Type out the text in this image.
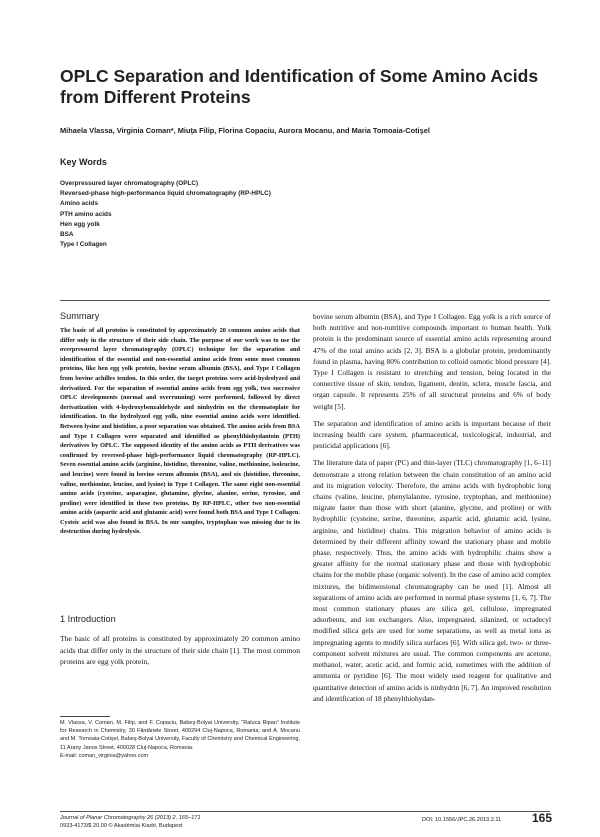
OPLC Separation and Identification of Some Amino Acids from Different Proteins
Mihaela Vlassa, Virginia Coman*, Miuţa Filip, Florina Copaciu, Aurora Mocanu, and Maria Tomoaia-Cotişel
Key Words
Overpressured layer chromatography (OPLC)
Reversed-phase high-performance liquid chromatography (RP-HPLC)
Amino acids
PTH amino acids
Hen egg yolk
BSA
Type I Collagen
Summary

The basic of all proteins is constituted by approximately 20 common amino acids that differ only in the structure of their side chain. The purpose of our work was to use the overpressured layer chromatography (OPLC) technique for the separation and identification of the essential and non-essential amino acids from some most common proteins, like hen egg yolk protein, bovine serum albumin (BSA), and Type I Collagen from bovine achilles tendon. In this order, the target proteins were acid-hydrolyzed and derivatized. For the separation of essential amino acids from egg yolk, two successive OPLC developments (normal and overrunning) were performed, followed by direct derivatization with 4-hydroxybenzaldehyde and ninhydrin on the chromatoplate for identification. In the hydrolyzed egg yolk, nine essential amino acids were identified. Between lysine and histidine, a poor separation was obtained. The amino acids from BSA and Type I Collagen were separated and identified as phenylthiohydantoin (PTH) derivatives by OPLC. The supposed identity of the amino acids as PTH derivatives was confirmed by reversed-phase high-performance liquid chromatography (RP-HPLC). Seven essential amino acids (arginine, histidine, threonine, valine, methionine, isoleucine, and leucine) were found in bovine serum albumin (BSA), and six (histidine, threonine, valine, methionine, leucine, and lysine) in Type I Collagen. The same eight non-essential amino acids (cysteine, asparagine, glutamine, glycine, alanine, serine, tyrosine, and proline) were identified in these two proteins. By RP-HPLC, other two non-essential amino acids (aspartic acid and glutamic acid) were found both BSA and Type I Collagen. Cysteic acid was also found in BSA. In our samples, tryptophan was missing due to its destruction during hydrolysis.

1 Introduction

The basic of all proteins is constituted by approximately 20 common amino acids that differ only in the structure of their side chain [1]. The most common proteins are egg yolk protein,

bovine serum albumin (BSA), and Type I Collagen. Egg yolk is a rich source of both nutritive and non-nutritive compounds important to human health. Yolk protein is the predominant source of essential amino acids representing around 47% of the total amino acids [2, 3]. BSA is a globular protein, predominantly found in plasma, having 80% contribution to colloid osmotic blood pressure [4]. Type I Collagen is resistant to stretching and tension, being located in the connective tissue of skin, tendon, ligament, dentin, sclera, muscle fascia, and organ capsule. It represents 25% of all structural proteins and 6% of body weight [5].

The separation and identification of amino acids is important because of their increasing health care system, pharmaceutical, toxicological, industrial, and pesticidal applications [6].

The literature data of paper (PC) and thin-layer (TLC) chromatography [1, 6–11] demonstrate a strong relation between the chain constitution of an amino acid and its migration velocity. Therefore, the amino acids with hydrophobic long chains (valine, leucine, phenylalanine, tyrosine, tryptophan, and methionine) migrate faster than those with short (alanine, glycine, and proline) or with hydrophilic (cysteine, serine, threonine, aspartic acid, glutamic acid, lysine, arginine, and histidine) chains. This migration behavior of amino acids is determined by their different affinity toward the stationary phase and mobile phase, respectively. Thus, the amino acids with hydrophilic chains show a greater affinity for the normal stationary phase and those with hydrophobic chains for the mobile phase (organic solvent). In the case of amino acid complex mixtures, the bidimensional chromatography can be used [1]. Almost all separations of amino acids are performed in normal phase systems [1, 6, 7]. The most common stationary phases are silica gel, cellulose, impregnated adsorbents, and ion exchangers. Also, impregnated, silanized, or octadecyl modified silica gels are used for some separations, as well as metal ions as impregnating agents to modify silica surfaces [6]. With silica gel, two- or three-component solvent mixtures are usual. The common components are acetone, methanol, water, acetic acid, and formic acid, sometimes with the addition of ammonia or pyridine [6]. The most widely used reagent for qualitative and quantitative detection of amino acids is ninhydrin [6, 7]. An improved resolution and identification of 18 phenylthiohydan-

M. Vlassa, V. Coman, M. Filip, and F. Copaciu, Babeş-Bolyai University, “Raluca Ripan” Institute for Research in Chemistry, 30 Fântânele Street, 400294 Cluj-Napoca, Romania; and A. Mocanu and M. Tomoaia-Cotişel, Babeş-Bolyai University, Faculty of Chemistry and Chemical Engineering, 11 Arany Janos Street, 400028 Cluj-Napoca, Romania.
E-mail: coman_virginia@yahoo.com

Journal of Planar Chromatography 26 (2013) 2, 165–171
0933-4173/$ 20.00 © Akadémiai Kiadó, Budapest
DOI: 10.1556/JPC.26.2013.2.11	165
